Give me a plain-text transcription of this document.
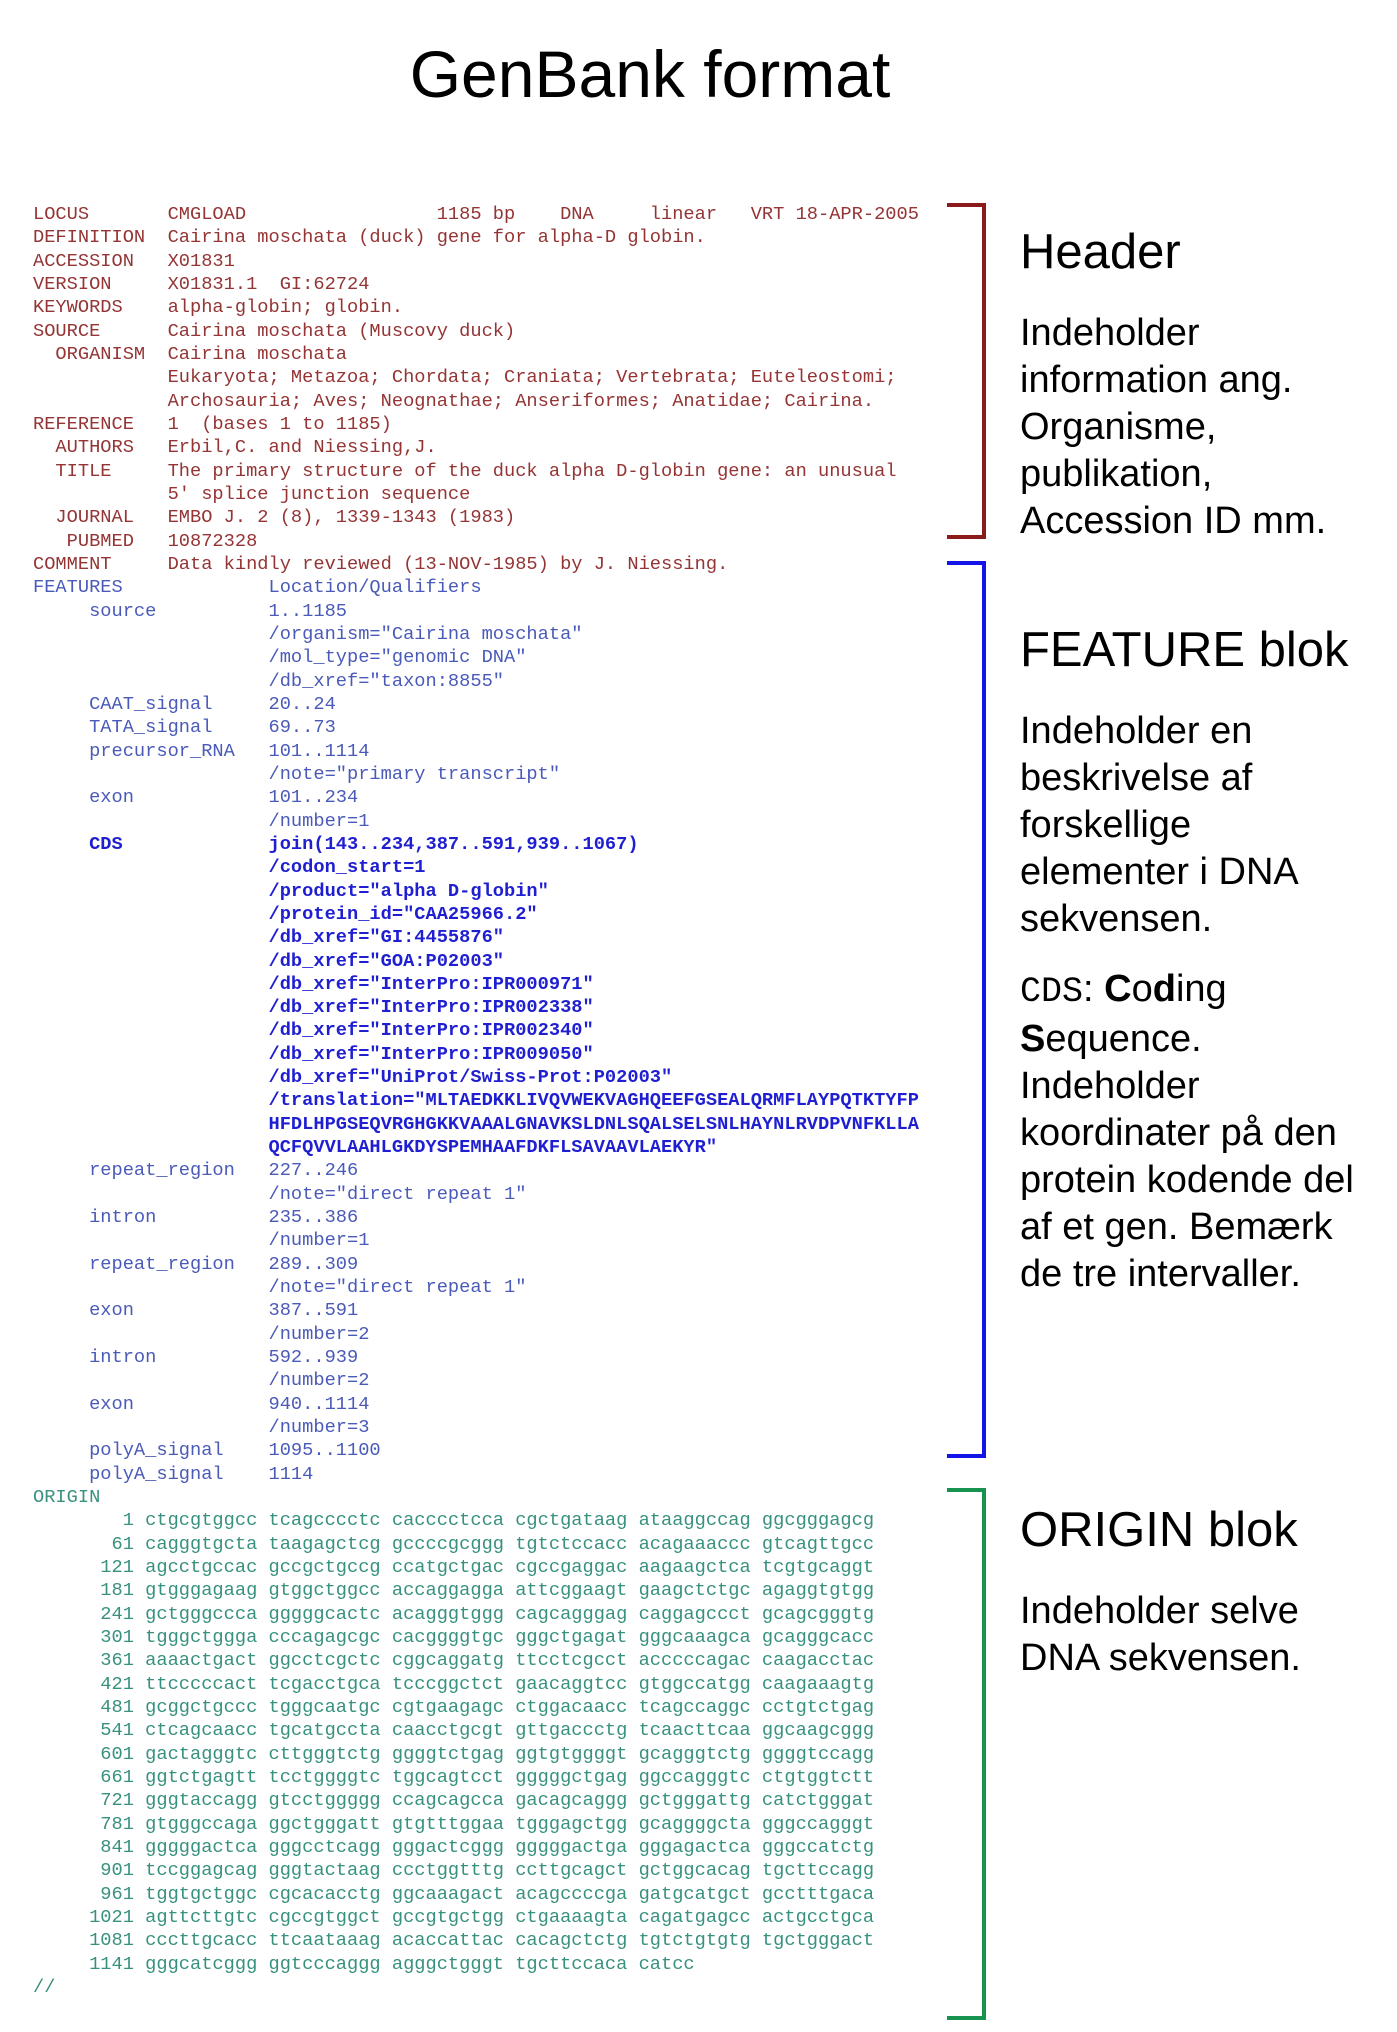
GenBank format
LOCUS       CMGLOAD                 1185 bp    DNA     linear   VRT 18-APR-2005
DEFINITION  Cairina moschata (duck) gene for alpha-D globin.
ACCESSION   X01831
VERSION     X01831.1  GI:62724
KEYWORDS    alpha-globin; globin.
SOURCE      Cairina moschata (Muscovy duck)
ORGANISM  Cairina moschata
Eukaryota; Metazoa; Chordata; Craniata; Vertebrata; Euteleostomi;
Archosauria; Aves; Neognathae; Anseriformes; Anatidae; Cairina.
REFERENCE   1  (bases 1 to 1185)
AUTHORS   Erbil,C. and Niessing,J.
TITLE     The primary structure of the duck alpha D-globin gene: an unusual
5' splice junction sequence
JOURNAL   EMBO J. 2 (8), 1339-1343 (1983)
PUBMED   10872328
COMMENT     Data kindly reviewed (13-NOV-1985) by J. Niessing.
FEATURES             Location/Qualifiers
source          1..1185
/organism="Cairina moschata"
/mol_type="genomic DNA"
/db_xref="taxon:8855"
CAAT_signal     20..24
TATA_signal     69..73
precursor_RNA   101..1114
/note="primary transcript"
exon            101..234
/number=1
CDS             join(143..234,387..591,939..1067)
/codon_start=1
/product="alpha D-globin"
/protein_id="CAA25966.2"
/db_xref="GI:4455876"
/db_xref="GOA:P02003"
/db_xref="InterPro:IPR000971"
/db_xref="InterPro:IPR002338"
/db_xref="InterPro:IPR002340"
/db_xref="InterPro:IPR009050"
/db_xref="UniProt/Swiss-Prot:P02003"
/translation="MLTAEDKKLIVQVWEKVAGHQEEFGSEALQRMFLAYPQTKTYFP
HFDLHPGSEQVRGHGKKVAAALGNAVKSLDNLSQALSELSNLHAYNLRVDPVNFKLLA
QCFQVVLAAHLGKDYSPEMHAAFDKFLSAVAAVLAEKYR"
repeat_region   227..246
/note="direct repeat 1"
intron          235..386
/number=1
repeat_region   289..309
/note="direct repeat 1"
exon            387..591
/number=2
intron          592..939
/number=2
exon            940..1114
/number=3
polyA_signal    1095..1100
polyA_signal    1114
ORIGIN
1 ctgcgtggcc tcagcccctc cacccctcca cgctgataag ataaggccag ggcgggagcg
61 cagggtgcta taagagctcg gccccgcggg tgtctccacc acagaaaccc gtcagttgcc
121 agcctgccac gccgctgccg ccatgctgac cgccgaggac aagaagctca tcgtgcaggt
181 gtgggagaag gtggctggcc accaggagga attcggaagt gaagctctgc agaggtgtgg
241 gctgggccca gggggcactc acagggtggg cagcagggag caggagccct gcagcgggtg
301 tgggctggga cccagagcgc cacggggtgc gggctgagat gggcaaagca gcagggcacc
361 aaaactgact ggcctcgctc cggcaggatg ttcctcgcct acccccagac caagacctac
421 ttcccccact tcgacctgca tcccggctct gaacaggtcc gtggccatgg caagaaagtg
481 gcggctgccc tgggcaatgc cgtgaagagc ctggacaacc tcagccaggc cctgtctgag
541 ctcagcaacc tgcatgccta caacctgcgt gttgaccctg tcaacttcaa ggcaagcggg
601 gactagggtc cttgggtctg ggggtctgag ggtgtggggt gcagggtctg ggggtccagg
661 ggtctgagtt tcctggggtc tggcagtcct gggggctgag ggccagggtc ctgtggtctt
721 gggtaccagg gtcctggggg ccagcagcca gacagcaggg gctgggattg catctgggat
781 gtgggccaga ggctgggatt gtgtttggaa tgggagctgg gcaggggcta gggccagggt
841 gggggactca gggcctcagg gggactcggg gggggactga gggagactca gggccatctg
901 tccggagcag gggtactaag ccctggtttg ccttgcagct gctggcacag tgcttccagg
961 tggtgctggc cgcacacctg ggcaaagact acagccccga gatgcatgct gcctttgaca
1021 agttcttgtc cgccgtggct gccgtgctgg ctgaaaagta cagatgagcc actgcctgca
1081 cccttgcacc ttcaataaag acaccattac cacagctctg tgtctgtgtg tgctgggact
1141 gggcatcggg ggtcccaggg agggctgggt tgcttccaca catcc
//
Header
Indeholder
information ang.
Organisme,
publikation,
Accession ID mm.
FEATURE blok
Indeholder en
beskrivelse af
forskellige
elementer i DNA
sekvensen.
CDS: Coding
Sequence.
Indeholder
koordinater på den
protein kodende del
af et gen. Bemærk
de tre intervaller.
ORIGIN blok
Indeholder selve
DNA sekvensen.
